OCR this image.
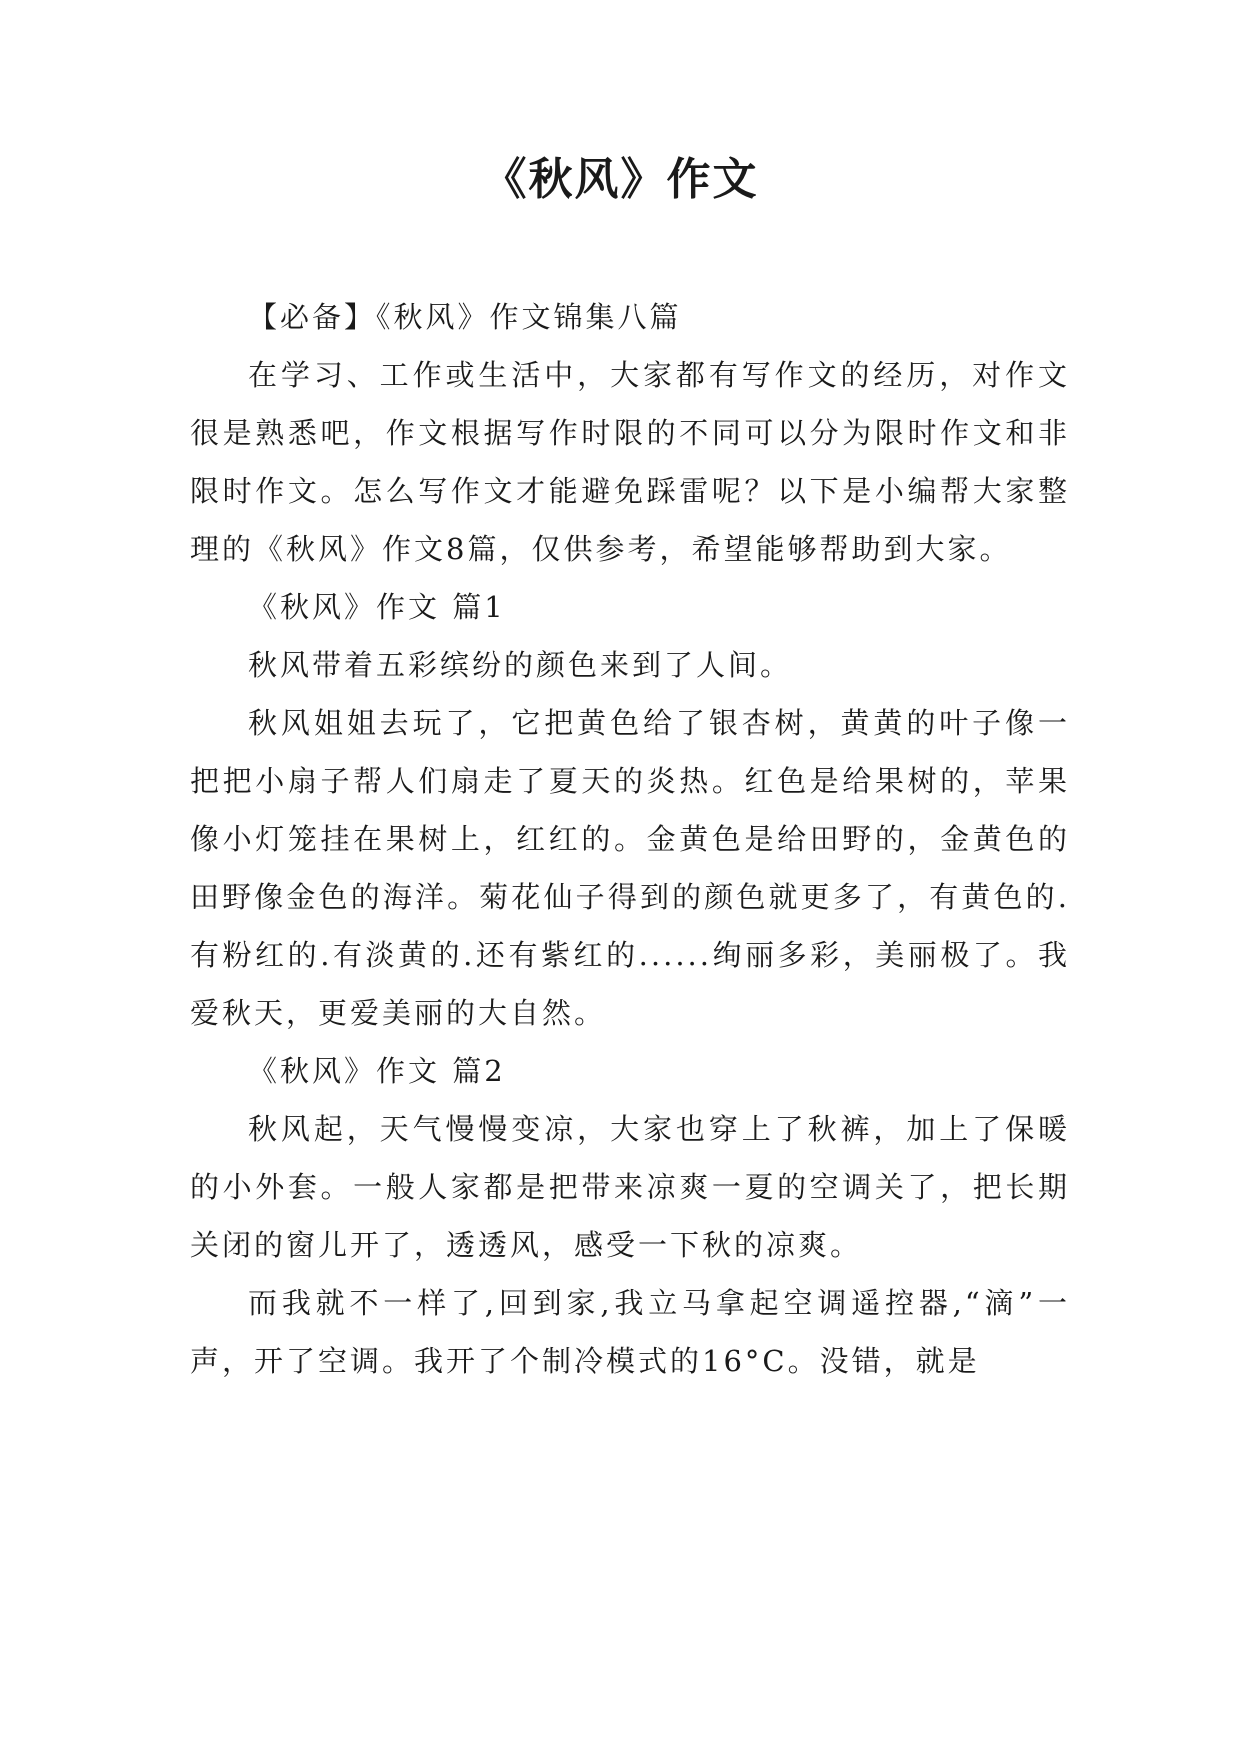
《秋风》作文

【必备】《秋风》作文锦集八篇

在学习、工作或生活中，大家都有写作文的经历，对作文很是熟悉吧，作文根据写作时限的不同可以分为限时作文和非限时作文。怎么写作文才能避免踩雷呢？以下是小编帮大家整理的《秋风》作文8篇，仅供参考，希望能够帮助到大家。

《秋风》作文 篇1

秋风带着五彩缤纷的颜色来到了人间。

秋风姐姐去玩了，它把黄色给了银杏树，黄黄的叶子像一把把小扇子帮人们扇走了夏天的炎热。红色是给果树的，苹果像小灯笼挂在果树上，红红的。金黄色是给田野的，金黄色的田野像金色的海洋。菊花仙子得到的颜色就更多了，有黄色的.有粉红的.有淡黄的.还有紫红的......绚丽多彩，美丽极了。我爱秋天，更爱美丽的大自然。

《秋风》作文 篇2

秋风起，天气慢慢变凉，大家也穿上了秋裤，加上了保暖的小外套。一般人家都是把带来凉爽一夏的空调关了，把长期关闭的窗儿开了，透透风，感受一下秋的凉爽。

而我就不一样了,回到家,我立马拿起空调遥控器,“滴”一声，开了空调。我开了个制冷模式的16°C。没错，就是
